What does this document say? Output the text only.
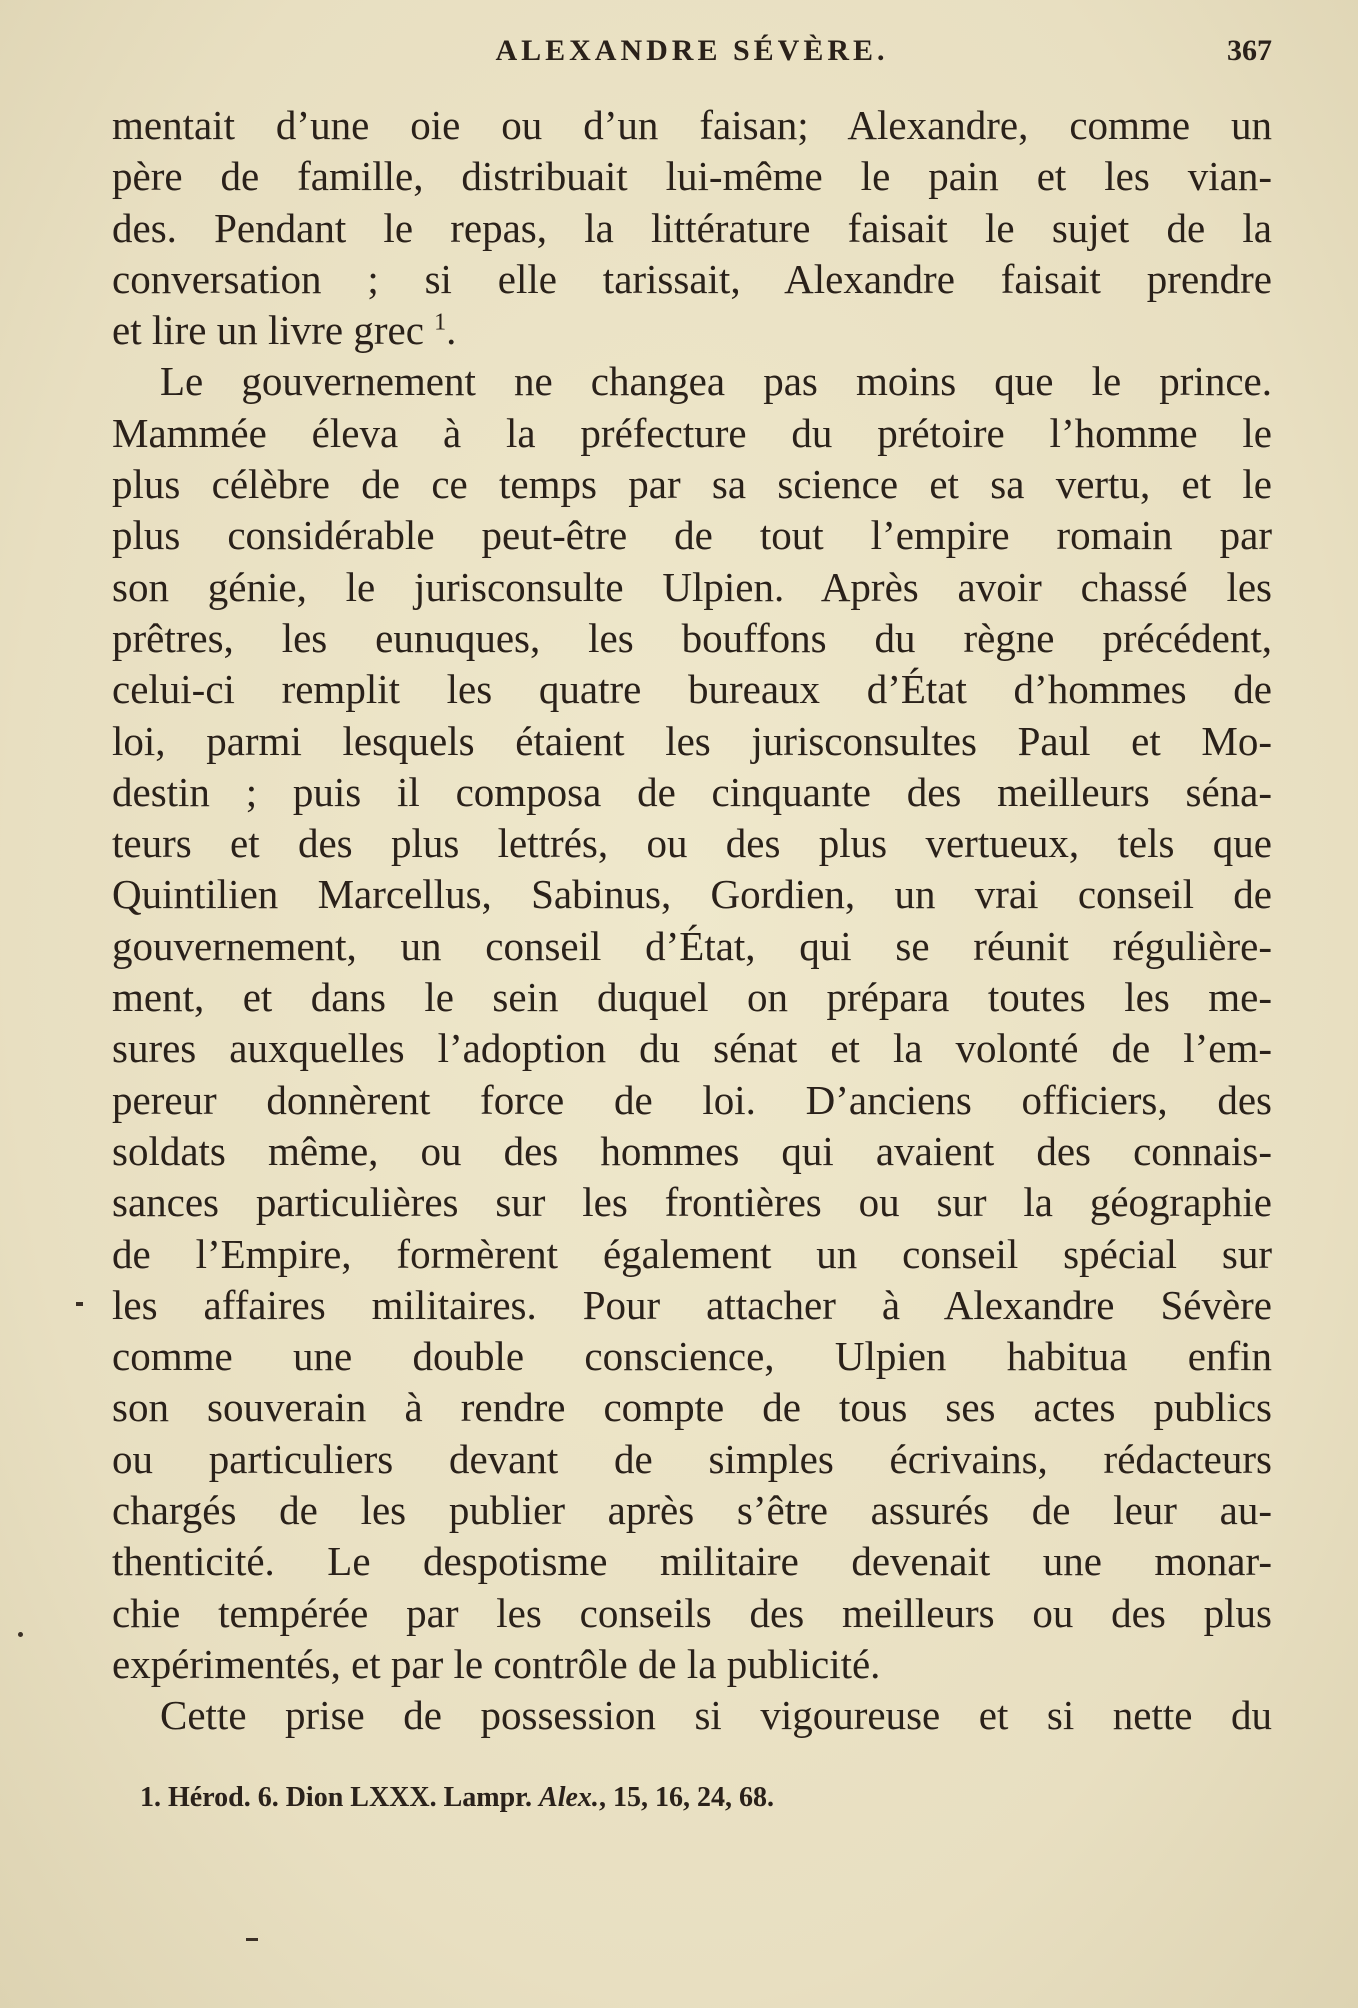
ALEXANDRE SÉVÈRE.	367
mentait d’une oie ou d’un faisan; Alexandre, comme un
père de famille, distribuait lui-même le pain et les vian-
des. Pendant le repas, la littérature faisait le sujet de la
conversation ; si elle tarissait, Alexandre faisait prendre
et lire un livre grec $^1$.
Le gouvernement ne changea pas moins que le prince.
Mammée éleva à la préfecture du prétoire l’homme le
plus célèbre de ce temps par sa science et sa vertu, et le
plus considérable peut-être de tout l’empire romain par
son génie, le jurisconsulte Ulpien. Après avoir chassé les
prêtres, les eunuques, les bouffons du règne précédent,
celui-ci remplit les quatre bureaux d’État d’hommes de
loi, parmi lesquels étaient les jurisconsultes Paul et Mo-
destin ; puis il composa de cinquante des meilleurs séna-
teurs et des plus lettrés, ou des plus vertueux, tels que
Quintilien Marcellus, Sabinus, Gordien, un vrai conseil de
gouvernement, un conseil d’État, qui se réunit régulière-
ment, et dans le sein duquel on prépara toutes les me-
sures auxquelles l’adoption du sénat et la volonté de l’em-
pereur donnèrent force de loi. D’anciens officiers, des
soldats même, ou des hommes qui avaient des connais-
sances particulières sur les frontières ou sur la géographie
de l’Empire, formèrent également un conseil spécial sur
les affaires militaires. Pour attacher à Alexandre Sévère
comme une double conscience, Ulpien habitua enfin
son souverain à rendre compte de tous ses actes publics
ou particuliers devant de simples écrivains, rédacteurs
chargés de les publier après s’être assurés de leur au-
thenticité. Le despotisme militaire devenait une monar-
chie tempérée par les conseils des meilleurs ou des plus
expérimentés, et par le contrôle de la publicité.
Cette prise de possession si vigoureuse et si nette du
1. Hérod. 6. Dion LXXX. Lampr. Alex., 15, 16, 24, 68.
